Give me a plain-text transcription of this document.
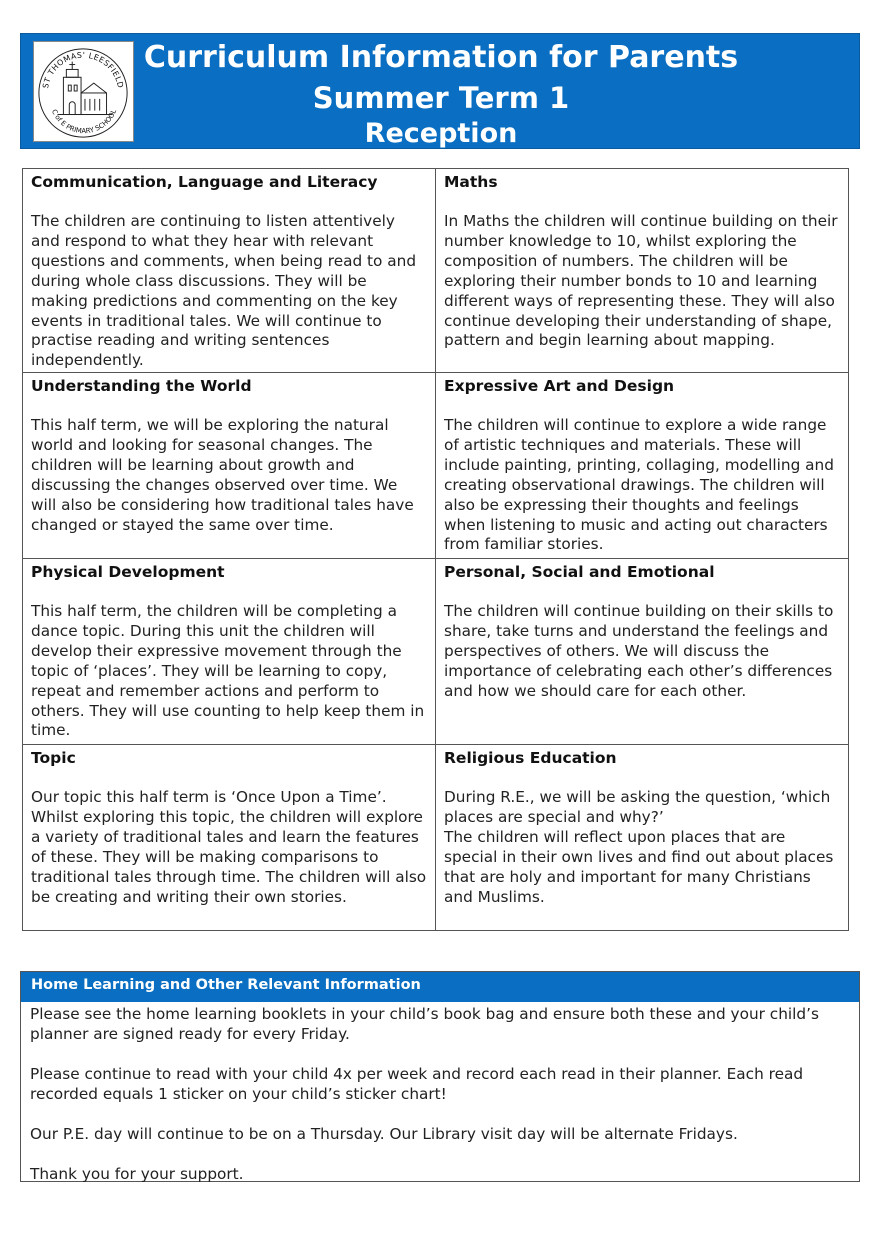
ST THOMAS' LEESFIELD
C of E PRIMARY SCHOOL
Curriculum Information for Parents
Summer Term 1
Reception
Communication, Language and Literacy

The children are continuing to listen attentively and respond to what they hear with relevant questions and comments, when being read to and during whole class discussions. They will be making predictions and commenting on the key events in traditional tales. We will continue to practise reading and writing sentences independently.

Maths

In Maths the children will continue building on their number knowledge to 10, whilst exploring the composition of numbers. The children will be exploring their number bonds to 10 and learning different ways of representing these. They will also continue developing their understanding of shape, pattern and begin learning about mapping.

Understanding the World

This half term, we will be exploring the natural world and looking for seasonal changes. The children will be learning about growth and discussing the changes observed over time. We will also be considering how traditional tales have changed or stayed the same over time.

Expressive Art and Design

The children will continue to explore a wide range of artistic techniques and materials. These will include painting, printing, collaging, modelling and creating observational drawings. The children will also be expressing their thoughts and feelings when listening to music and acting out characters from familiar stories.

Physical Development

This half term, the children will be completing a dance topic. During this unit the children will develop their expressive movement through the topic of ‘places’. They will be learning to copy, repeat and remember actions and perform to others. They will use counting to help keep them in time.

Personal, Social and Emotional

The children will continue building on their skills to share, take turns and understand the feelings and perspectives of others. We will discuss the importance of celebrating each other’s differences and how we should care for each other.

Topic

Our topic this half term is ‘Once Upon a Time’. Whilst exploring this topic, the children will explore a variety of traditional tales and learn the features of these. They will be making comparisons to traditional tales through time. The children will also be creating and writing their own stories.

Religious Education

During R.E., we will be asking the question, ‘which places are special and why?’

The children will reflect upon places that are special in their own lives and find out about places that are holy and important for many Christians and Muslims.

Home Learning and Other Relevant Information

Please see the home learning booklets in your child’s book bag and ensure both these and your child’s planner are signed ready for every Friday.

Please continue to read with your child 4x per week and record each read in their planner. Each read recorded equals 1 sticker on your child’s sticker chart!

Our P.E. day will continue to be on a Thursday. Our Library visit day will be alternate Fridays.

Thank you for your support.
